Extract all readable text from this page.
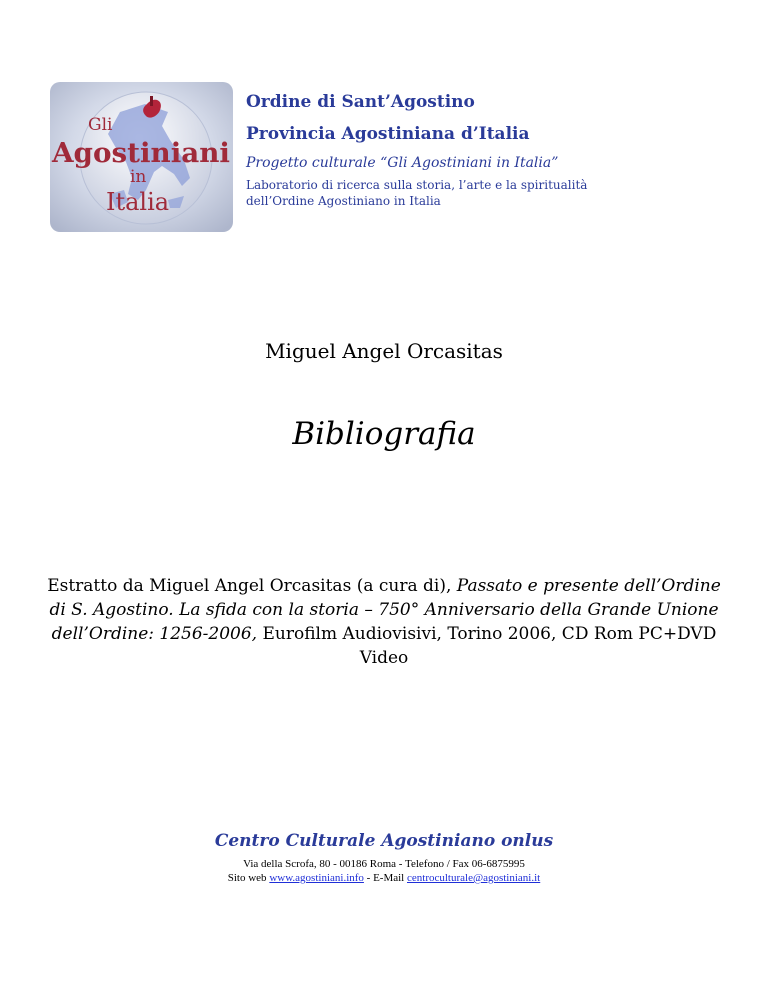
Gli
Agostiniani
in
Italia
Ordine di Sant’Agostino
Provincia Agostiniana d’Italia
Progetto culturale “Gli Agostiniani in Italia”
Laboratorio di ricerca sulla storia, l’arte e la spiritualità dell’Ordine Agostiniano in Italia
Miguel Angel Orcasitas
Bibliografia
Estratto da Miguel Angel Orcasitas (a cura di), Passato e presente dell’Ordine di S. Agostino. La sfida con la storia – 750° Anniversario della Grande Unione dell’Ordine: 1256-2006, Eurofilm Audiovisivi, Torino 2006, CD Rom PC+DVD Video
Centro Culturale Agostiniano onlus
Via della Scrofa, 80 - 00186 Roma - Telefono / Fax 06-6875995
Sito web www.agostiniani.info - E-Mail centroculturale@agostiniani.it
